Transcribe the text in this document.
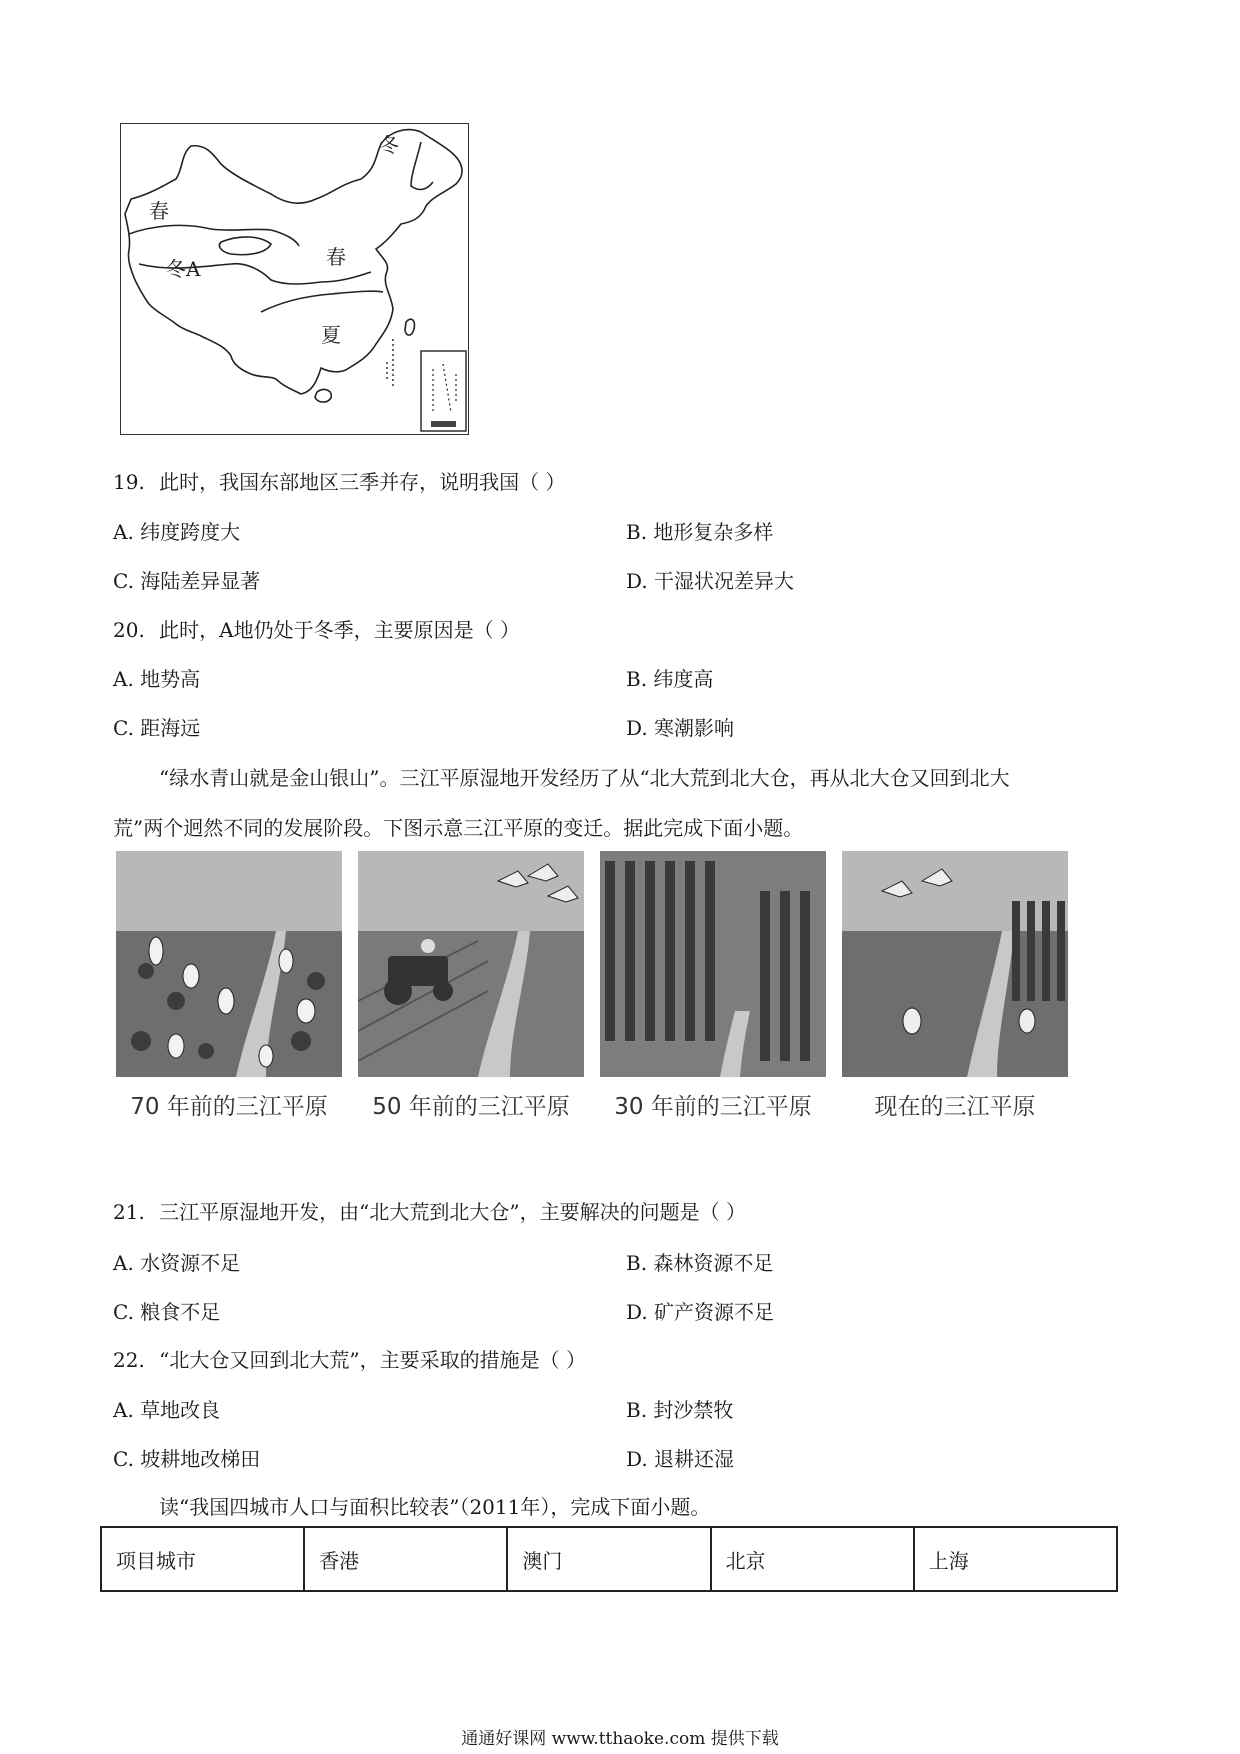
春
冬
春
冬A
夏
19. 此时，我国东部地区三季并存，说明我国（ ）
A. 纬度跨度大	B. 地形复杂多样
C. 海陆差异显著	D. 干湿状况差异大
20. 此时，A地仍处于冬季，主要原因是（ ）
A. 地势高	B. 纬度高
C. 距海远	D. 寒潮影响
“绿水青山就是金山银山”。三江平原湿地开发经历了从“北大荒到北大仓，再从北大仓又回到北大
荒”两个迥然不同的发展阶段。下图示意三江平原的变迁。据此完成下面小题。
70 年前的三江平原	50 年前的三江平原	30 年前的三江平原	现在的三江平原
21. 三江平原湿地开发，由“北大荒到北大仓”，主要解决的问题是（ ）
A. 水资源不足	B. 森林资源不足
C. 粮食不足	D. 矿产资源不足
22. “北大仓又回到北大荒”，主要采取的措施是（ ）
A. 草地改良	B. 封沙禁牧
C. 坡耕地改梯田	D. 退耕还湿
读“我国四城市人口与面积比较表”（2011年），完成下面小题。
项目城市	香港	澳门	北京	上海
通通好课网 www.tthaoke.com 提供下载
